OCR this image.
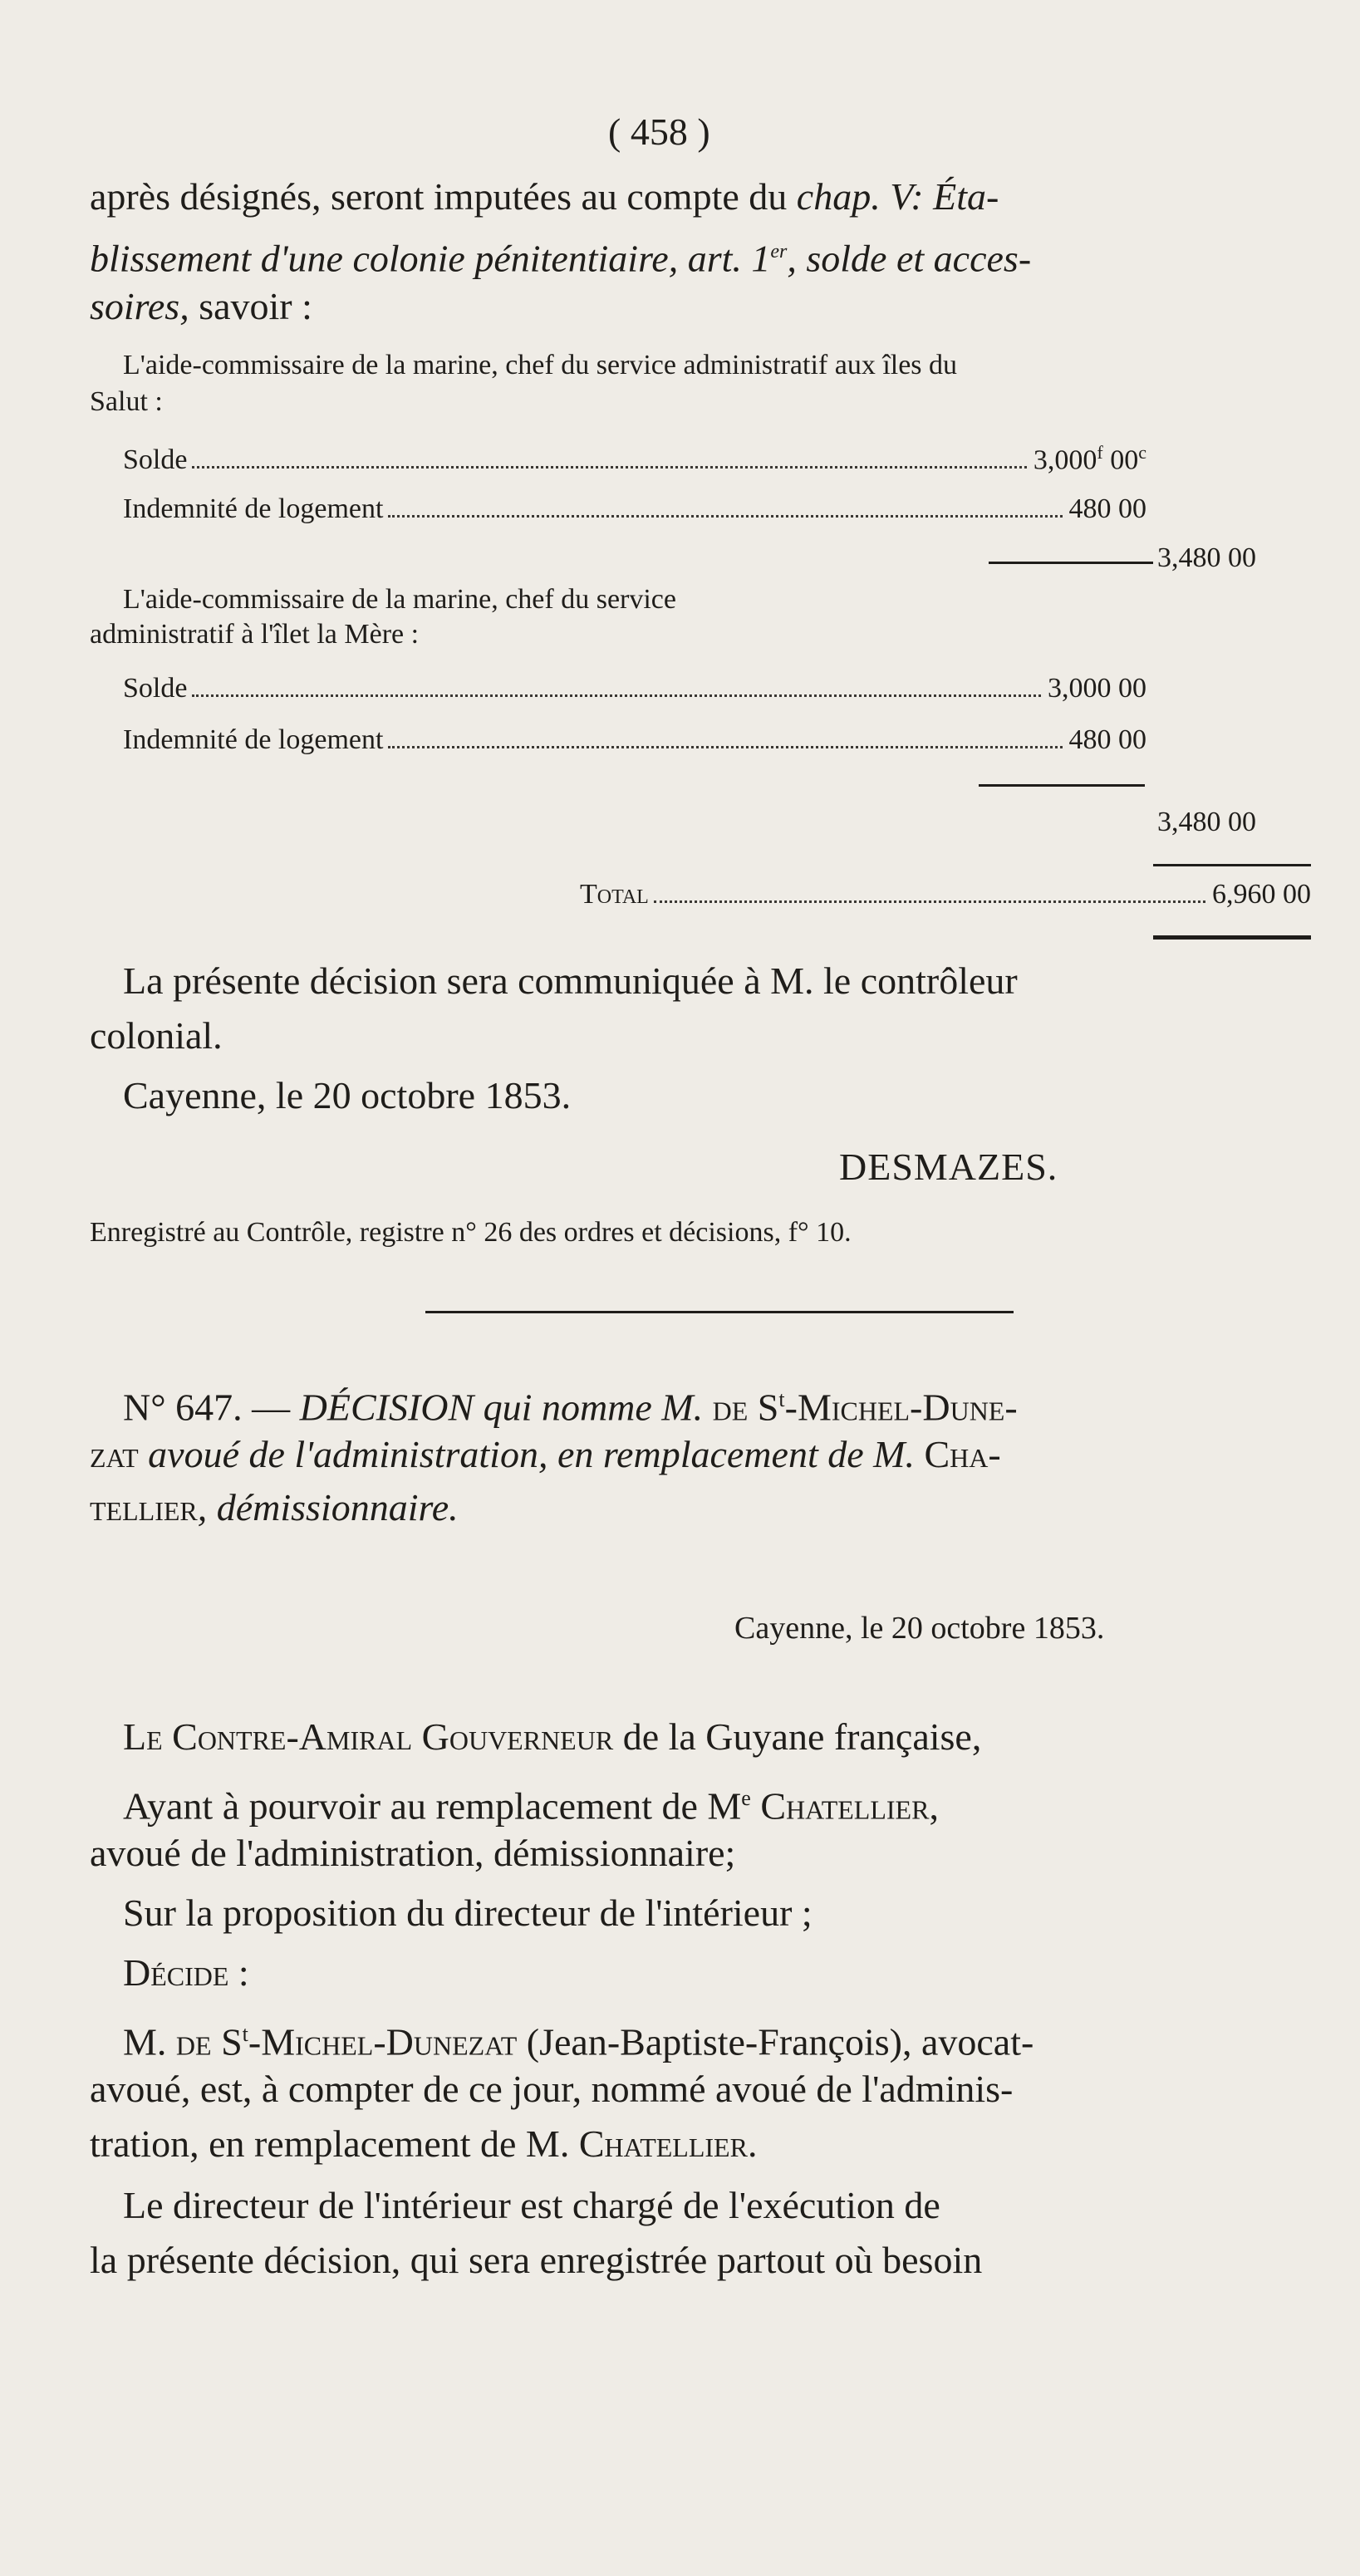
( 458 )
après désignés, seront imputées au compte du chap. V: Éta-
blissement d'une colonie pénitentiaire, art. 1er, solde et acces-
soires, savoir :
L'aide-commissaire de la marine, chef du service administratif aux îles du
Salut :
Solde	3,000$^f$ 00$^c$
Indemnité de logement	480 00
3,480 00
L'aide-commissaire de la marine, chef du service
administratif à l'îlet la Mère :
Solde	3,000 00
Indemnité de logement	480 00
3,480 00
Total	6,960 00
La présente décision sera communiquée à M. le contrôleur
colonial.
Cayenne, le 20 octobre 1853.
DESMAZES.
Enregistré au Contrôle, registre n° 26 des ordres et décisions, f° 10.
N° 647. — DÉCISION qui nomme M. de $S^t-Michel-Dune-$
zat avoué de l'administration, en remplacement de M. Cha-
tellier, démissionnaire.
Cayenne, le 20 octobre 1853.
Le Contre-Amiral Gouverneur de la Guyane française,
Ayant à pourvoir au remplacement de Me Chatellier,
avoué de l'administration, démissionnaire;
Sur la proposition du directeur de l'intérieur ;
Décide :
M. de $S^t-Michel$-Dunezat (Jean-Baptiste-François), avocat-
avoué, est, à compter de ce jour, nommé avoué de l'adminis-
tration, en remplacement de M. Chatellier.
Le directeur de l'intérieur est chargé de l'exécution de
la présente décision, qui sera enregistrée partout où besoin
